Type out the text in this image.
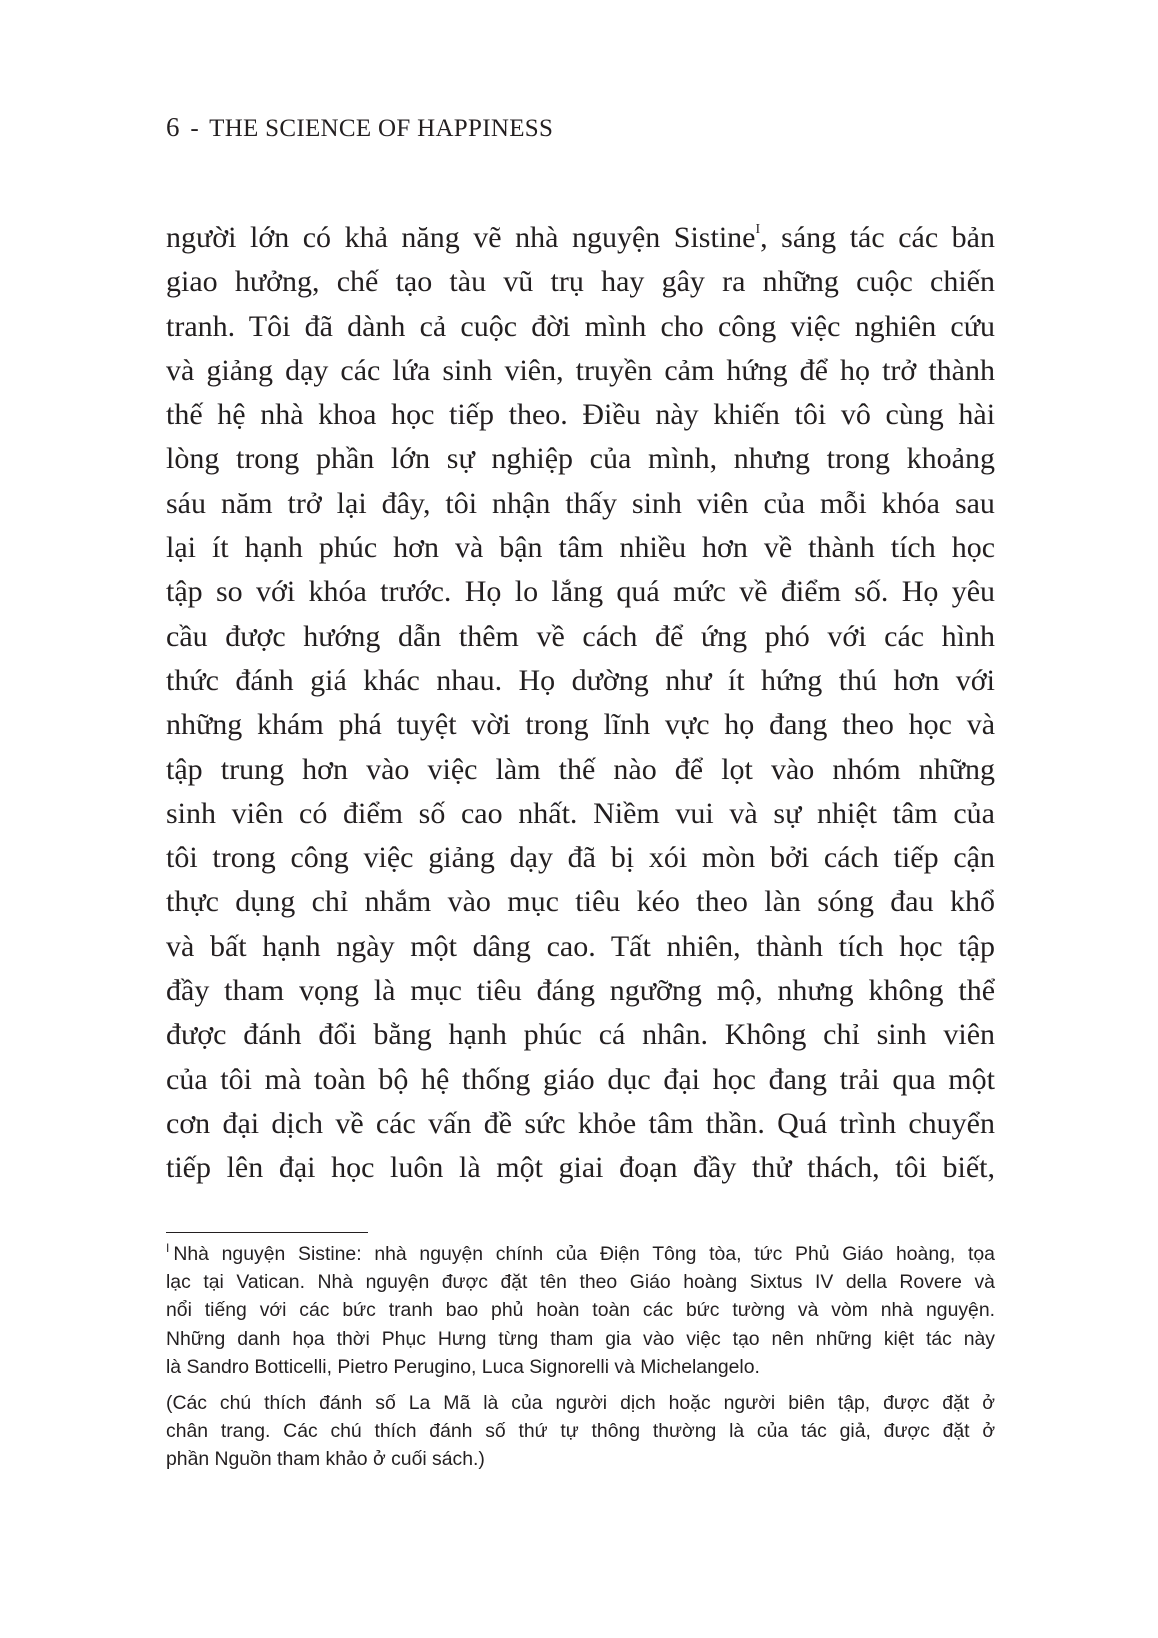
6 - THE SCIENCE OF HAPPINESS
người lớn có khả năng vẽ nhà nguyện Sistine$^I$, sáng tác các bản
giao hưởng, chế tạo tàu vũ trụ hay gây ra những cuộc chiến
tranh. Tôi đã dành cả cuộc đời mình cho công việc nghiên cứu
và giảng dạy các lứa sinh viên, truyền cảm hứng để họ trở thành
thế hệ nhà khoa học tiếp theo. Điều này khiến tôi vô cùng hài
lòng trong phần lớn sự nghiệp của mình, nhưng trong khoảng
sáu năm trở lại đây, tôi nhận thấy sinh viên của mỗi khóa sau
lại ít hạnh phúc hơn và bận tâm nhiều hơn về thành tích học
tập so với khóa trước. Họ lo lắng quá mức về điểm số. Họ yêu
cầu được hướng dẫn thêm về cách để ứng phó với các hình
thức đánh giá khác nhau. Họ dường như ít hứng thú hơn với
những khám phá tuyệt vời trong lĩnh vực họ đang theo học và
tập trung hơn vào việc làm thế nào để lọt vào nhóm những
sinh viên có điểm số cao nhất. Niềm vui và sự nhiệt tâm của
tôi trong công việc giảng dạy đã bị xói mòn bởi cách tiếp cận
thực dụng chỉ nhắm vào mục tiêu kéo theo làn sóng đau khổ
và bất hạnh ngày một dâng cao. Tất nhiên, thành tích học tập
đầy tham vọng là mục tiêu đáng ngưỡng mộ, nhưng không thể
được đánh đổi bằng hạnh phúc cá nhân. Không chỉ sinh viên
của tôi mà toàn bộ hệ thống giáo dục đại học đang trải qua một
cơn đại dịch về các vấn đề sức khỏe tâm thần. Quá trình chuyển
tiếp lên đại học luôn là một giai đoạn đầy thử thách, tôi biết,
$^I$ Nhà nguyện Sistine: nhà nguyện chính của Điện Tông tòa, tức Phủ Giáo hoàng, tọa
lạc tại Vatican. Nhà nguyện được đặt tên theo Giáo hoàng Sixtus IV della Rovere và
nổi tiếng với các bức tranh bao phủ hoàn toàn các bức tường và vòm nhà nguyện.
Những danh họa thời Phục Hưng từng tham gia vào việc tạo nên những kiệt tác này
là Sandro Botticelli, Pietro Perugino, Luca Signorelli và Michelangelo.
(Các chú thích đánh số La Mã là của người dịch hoặc người biên tập, được đặt ở
chân trang. Các chú thích đánh số thứ tự thông thường là của tác giả, được đặt ở
phần Nguồn tham khảo ở cuối sách.)
